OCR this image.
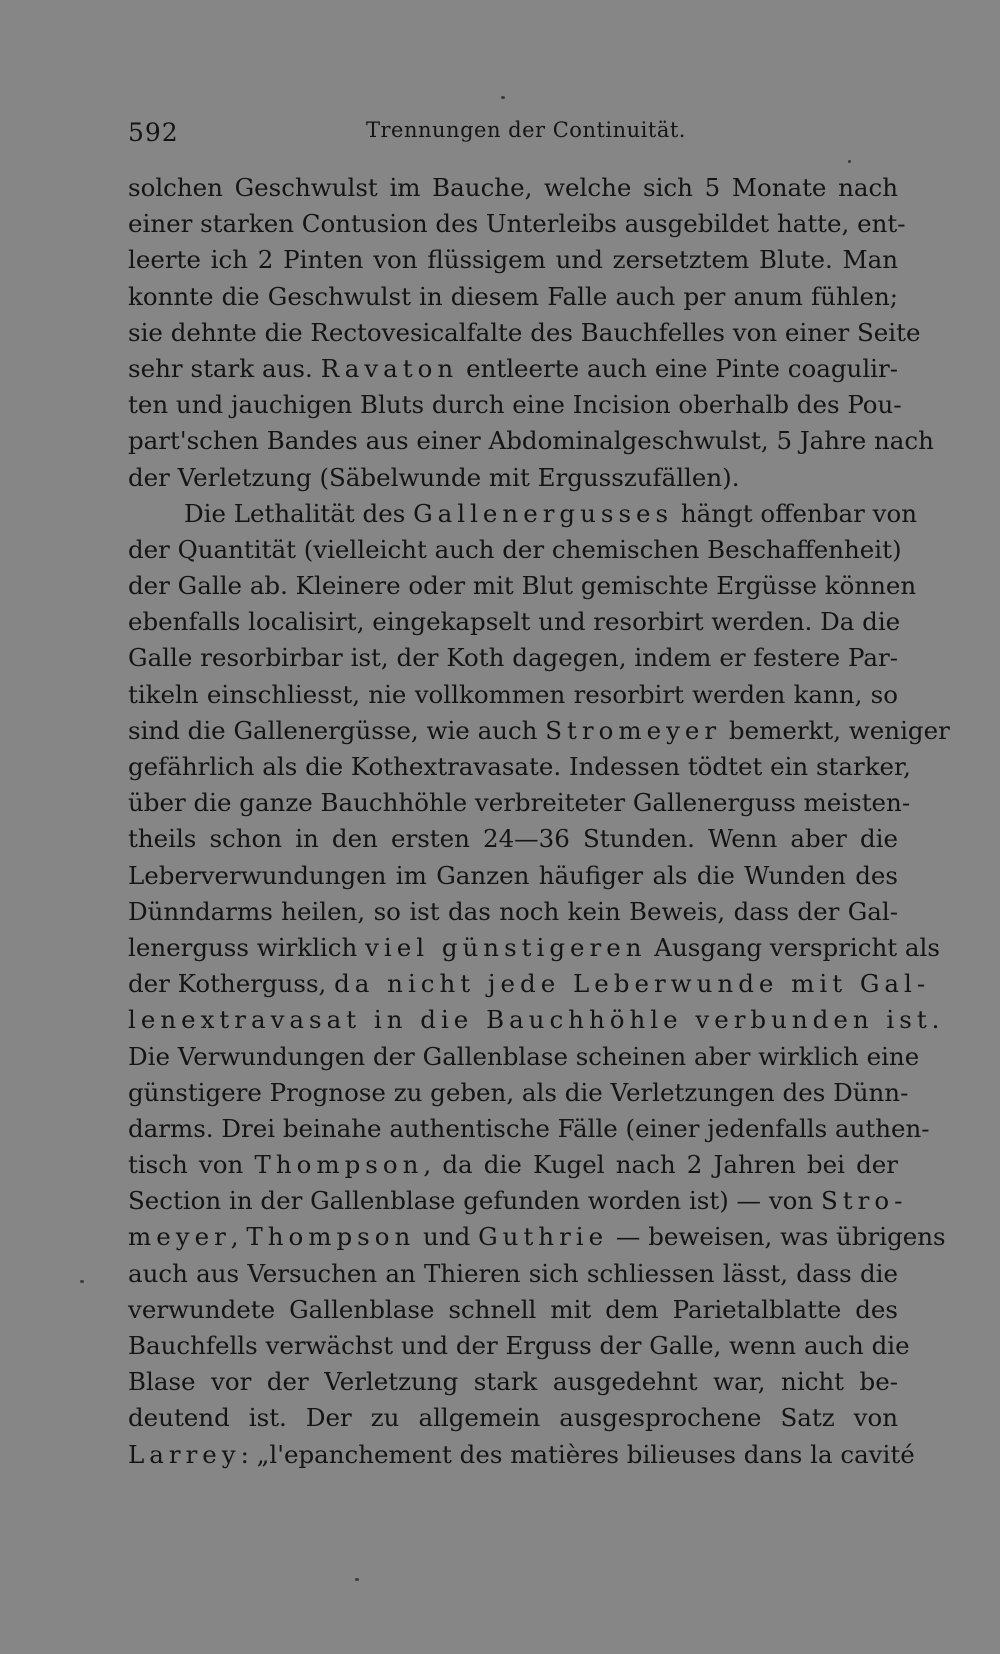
592	Trennungen der Continuität.
solchen Geschwulst im Bauche, welche sich 5 Monate nach
einer starken Contusion des Unterleibs ausgebildet hatte, ent-
leerte ich 2 Pinten von flüssigem und zersetztem Blute. Man
konnte die Geschwulst in diesem Falle auch per anum fühlen;
sie dehnte die Rectovesicalfalte des Bauchfelles von einer Seite
sehr stark aus. Ravaton entleerte auch eine Pinte coagulir-
ten und jauchigen Bluts durch eine Incision oberhalb des Pou-
part'schen Bandes aus einer Abdominalgeschwulst, 5 Jahre nach
der Verletzung (Säbelwunde mit Ergusszufällen).
Die Lethalität des Gallenergusses hängt offenbar von
der Quantität (vielleicht auch der chemischen Beschaffenheit)
der Galle ab. Kleinere oder mit Blut gemischte Ergüsse können
ebenfalls localisirt, eingekapselt und resorbirt werden. Da die
Galle resorbirbar ist, der Koth dagegen, indem er festere Par-
tikeln einschliesst, nie vollkommen resorbirt werden kann, so
sind die Gallenergüsse, wie auch Stromeyer bemerkt, weniger
gefährlich als die Kothextravasate. Indessen tödtet ein starker,
über die ganze Bauchhöhle verbreiteter Gallenerguss meisten-
theils schon in den ersten 24—36 Stunden. Wenn aber die
Leberverwundungen im Ganzen häufiger als die Wunden des
Dünndarms heilen, so ist das noch kein Beweis, dass der Gal-
lenerguss wirklich viel günstigeren Ausgang verspricht als
der Kotherguss, da nicht jede Leberwunde mit Gal-
lenextravasat in die Bauchhöhle verbunden ist.
Die Verwundungen der Gallenblase scheinen aber wirklich eine
günstigere Prognose zu geben, als die Verletzungen des Dünn-
darms. Drei beinahe authentische Fälle (einer jedenfalls authen-
tisch von Thompson, da die Kugel nach 2 Jahren bei der
Section in der Gallenblase gefunden worden ist) — von Stro-
meyer, Thompson und Guthrie — beweisen, was übrigens
auch aus Versuchen an Thieren sich schliessen lässt, dass die
verwundete Gallenblase schnell mit dem Parietalblatte des
Bauchfells verwächst und der Erguss der Galle, wenn auch die
Blase vor der Verletzung stark ausgedehnt war, nicht be-
deutend ist. Der zu allgemein ausgesprochene Satz von
Larrey: „l'epanchement des matières bilieuses dans la cavité
